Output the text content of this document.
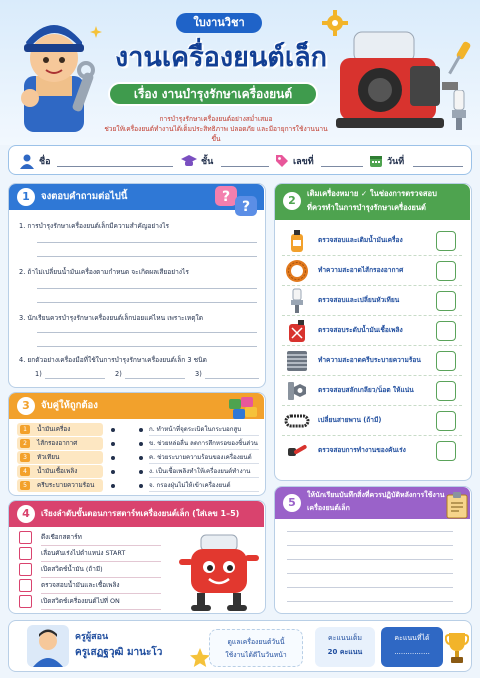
ใบงานวิชา
งานเครื่องยนต์เล็ก
เรื่อง งานบำรุงรักษาเครื่องยนต์
การบำรุงรักษาเครื่องยนต์อย่างสม่ำเสมอ
ช่วยให้เครื่องยนต์ทำงานได้เต็มประสิทธิภาพ ปลอดภัย และมีอายุการใช้งานนานขึ้น
ชื่อ	ชั้น	เลขที่	วันที่
1	จงตอบคำถามต่อไปนี้	?
?
1. การบำรุงรักษาเครื่องยนต์เล็กมีความสำคัญอย่างไร
2. ถ้าไม่เปลี่ยนน้ำมันเครื่องตามกำหนด จะเกิดผลเสียอย่างไร
3. นักเรียนควรบำรุงรักษาเครื่องยนต์เล็กบ่อยแค่ไหน เพราะเหตุใด
4. ยกตัวอย่างเครื่องมือที่ใช้ในการบำรุงรักษาเครื่องยนต์เล็ก 3 ชนิด
1)	2)	3)
3	จับคู่ให้ถูกต้อง
1	น้ำมันเครื่อง	ก. ทำหน้าที่จุดระเบิดในกระบอกสูบ
2	ไส้กรองอากาศ	ข. ช่วยหล่อลื่น ลดการสึกหรอของชิ้นส่วน
3	หัวเทียน	ค. ช่วยระบายความร้อนของเครื่องยนต์
4	น้ำมันเชื้อเพลิง	ง. เป็นเชื้อเพลิงทำให้เครื่องยนต์ทำงาน
5	ครีบระบายความร้อน	จ. กรองฝุ่นไม่ให้เข้าเครื่องยนต์
4	เรียงลำดับขั้นตอนการสตาร์ทเครื่องยนต์เล็ก (ใส่เลข 1–5)
ดึงเชือกสตาร์ท
เลื่อนคันเร่งไปตำแหน่ง START
เปิดสวิตช์น้ำมัน (ถ้ามี)
ตรวจสอบน้ำมันและเชื้อเพลิง
เปิดสวิตช์เครื่องยนต์ไปที่ ON
2
เติมเครื่องหมาย ✓ ในช่องการตรวจสอบ
ที่ควรทำในการบำรุงรักษาเครื่องยนต์
ตรวจสอบและเติมน้ำมันเครื่อง
ทำความสะอาดไส้กรองอากาศ
ตรวจสอบและเปลี่ยนหัวเทียน
ตรวจสอบระดับน้ำมันเชื้อเพลิง
ทำความสะอาดครีบระบายความร้อน
ตรวจสอบสลักเกลียว/น็อต ให้แน่น
เปลี่ยนสายพาน (ถ้ามี)
ตรวจสอบการทำงานของคันเร่ง
5
ให้นักเรียนบันทึกสิ่งที่ควรปฏิบัติหลังการใช้งาน
เครื่องยนต์เล็ก
ครูผู้สอน
ครูเสฏฐวุฒิ มานะโว
ดูแลเครื่องยนต์วันนี้
ใช้งานได้ดีในวันหน้า
คะแนนเต็ม
20 คะแนน
คะแนนที่ได้
................
